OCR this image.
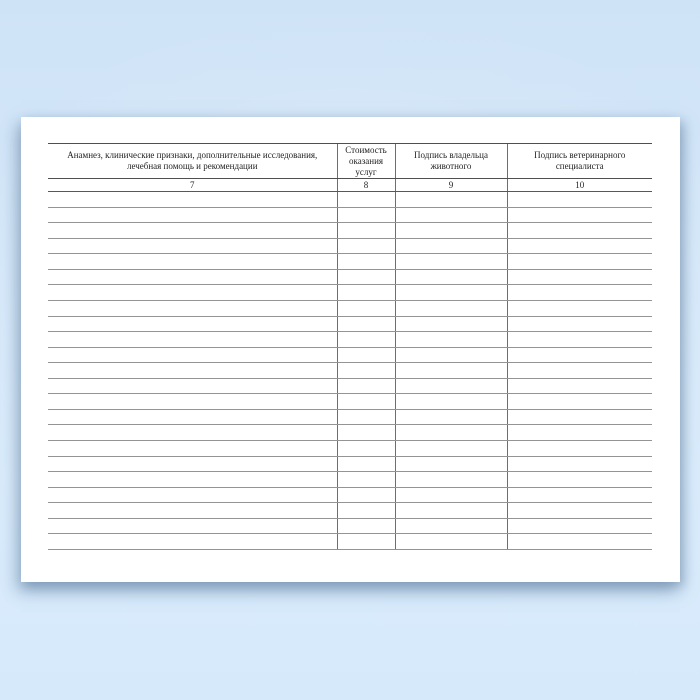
Анамнез, клинические признаки, дополнительные исследования, лечебная помощь и рекомендации	Стоимость оказания услуг	Подпись владельца животного	Подпись ветеринарного специалиста
7	8	9	10
